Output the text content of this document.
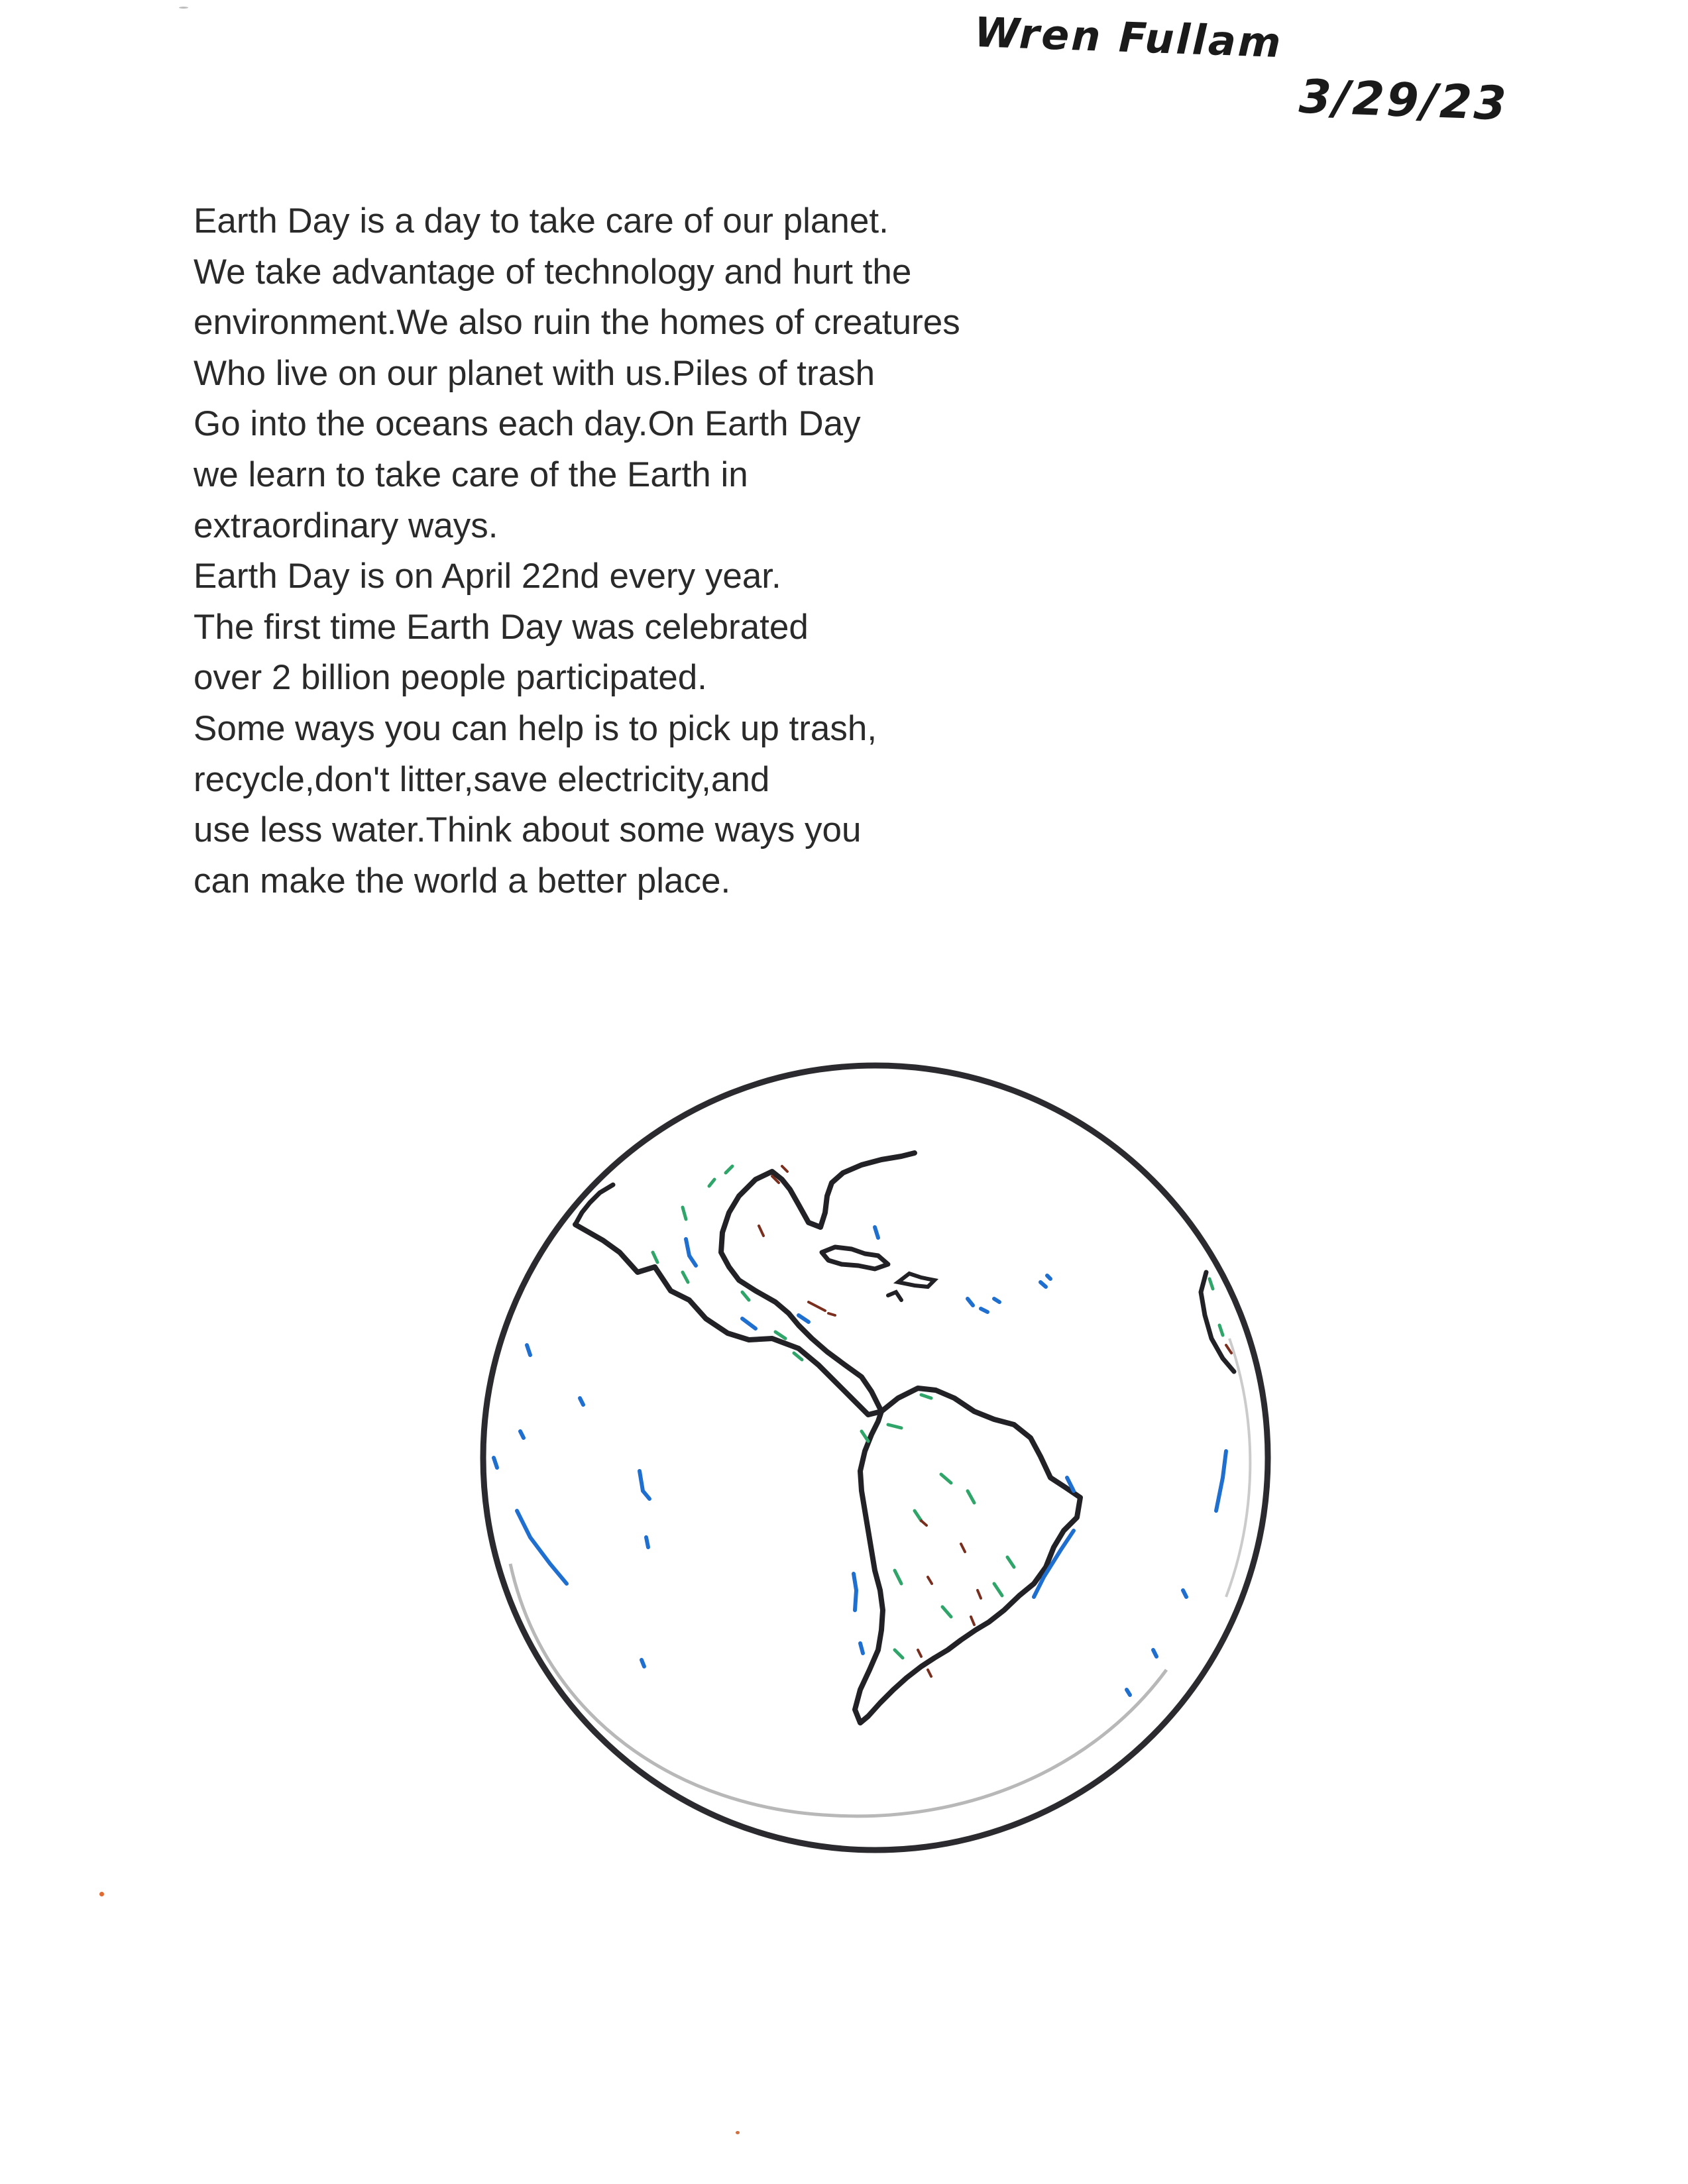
Wren Fullam
3/29/23
Earth Day is a day to take care of our planet.
We take advantage of technology and hurt the
environment.We also ruin the homes of creatures
Who live on our planet with us.Piles of trash
Go into the oceans each day.On Earth Day
we learn to take care of the Earth in
extraordinary ways.
Earth Day is on April 22nd every year.
The first time Earth Day was celebrated
over 2 billion people participated.
Some ways you can help is to pick up trash,
recycle,don't litter,save electricity,and
use less water.Think about some ways you
can make the world a better place.
